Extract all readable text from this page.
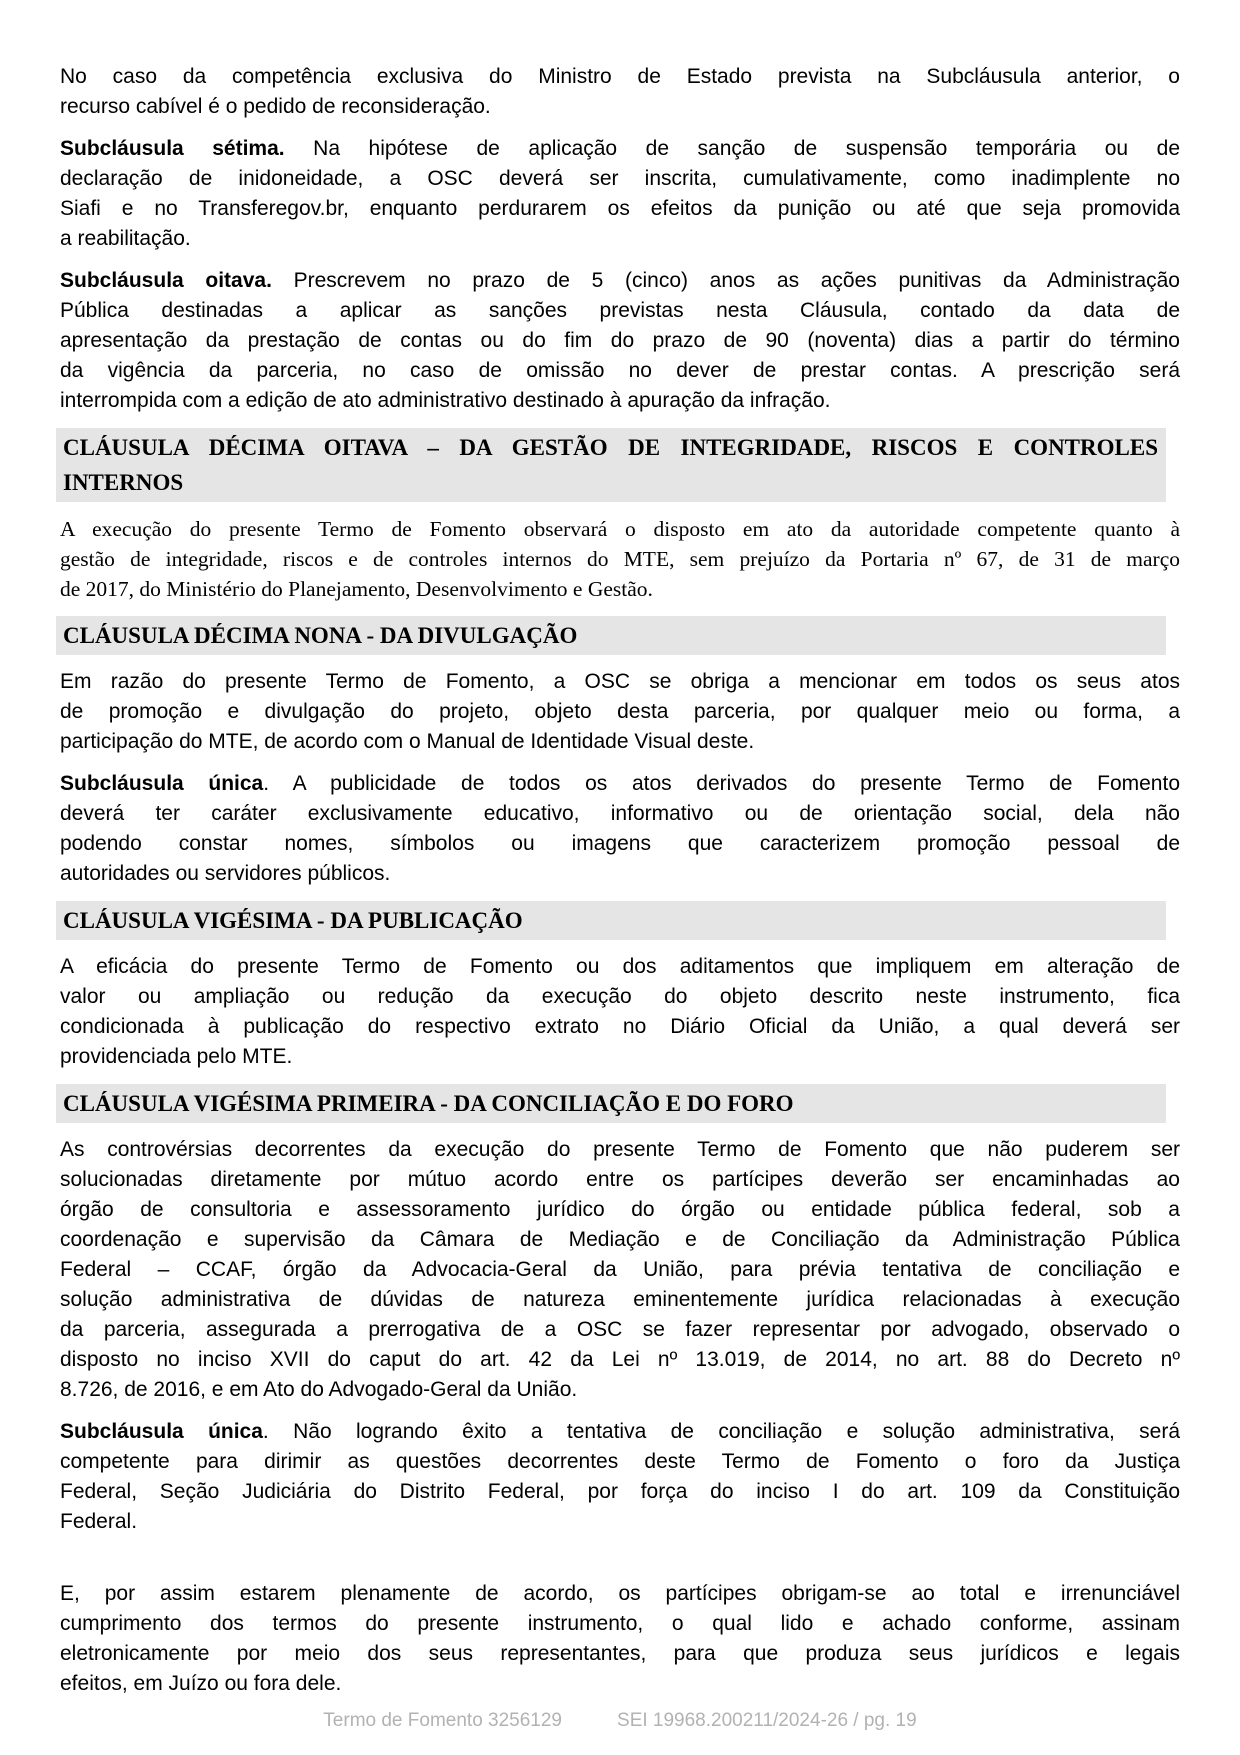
No caso da competência exclusiva do Ministro de Estado prevista na Subcláusula anterior, o
recurso cabível é o pedido de reconsideração.
Subcláusula sétima. Na hipótese de aplicação de sanção de suspensão temporária ou de
declaração de inidoneidade, a OSC deverá ser inscrita, cumulativamente, como inadimplente no
Siafi e no Transferegov.br, enquanto perdurarem os efeitos da punição ou até que seja promovida
a reabilitação.
Subcláusula oitava. Prescrevem no prazo de 5 (cinco) anos as ações punitivas da Administração
Pública destinadas a aplicar as sanções previstas nesta Cláusula, contado da data de
apresentação da prestação de contas ou do fim do prazo de 90 (noventa) dias a partir do término
da vigência da parceria, no caso de omissão no dever de prestar contas. A prescrição será
interrompida com a edição de ato administrativo destinado à apuração da infração.
CLÁUSULA DÉCIMA OITAVA – DA GESTÃO DE INTEGRIDADE, RISCOS E CONTROLES
INTERNOS
A execução do presente Termo de Fomento observará o disposto em ato da autoridade competente quanto à
gestão de integridade, riscos e de controles internos do MTE, sem prejuízo da Portaria nº 67, de 31 de março
de 2017, do Ministério do Planejamento, Desenvolvimento e Gestão.
CLÁUSULA DÉCIMA NONA - DA DIVULGAÇÃO
Em razão do presente Termo de Fomento, a OSC se obriga a mencionar em todos os seus atos
de promoção e divulgação do projeto, objeto desta parceria, por qualquer meio ou forma, a
participação do MTE, de acordo com o Manual de Identidade Visual deste.
Subcláusula única. A publicidade de todos os atos derivados do presente Termo de Fomento
deverá ter caráter exclusivamente educativo, informativo ou de orientação social, dela não
podendo constar nomes, símbolos ou imagens que caracterizem promoção pessoal de
autoridades ou servidores públicos.
CLÁUSULA VIGÉSIMA - DA PUBLICAÇÃO
A eficácia do presente Termo de Fomento ou dos aditamentos que impliquem em alteração de
valor ou ampliação ou redução da execução do objeto descrito neste instrumento, fica
condicionada à publicação do respectivo extrato no Diário Oficial da União, a qual deverá ser
providenciada pelo MTE.
CLÁUSULA VIGÉSIMA PRIMEIRA - DA CONCILIAÇÃO E DO FORO
As controvérsias decorrentes da execução do presente Termo de Fomento que não puderem ser
solucionadas diretamente por mútuo acordo entre os partícipes deverão ser encaminhadas ao
órgão de consultoria e assessoramento jurídico do órgão ou entidade pública federal, sob a
coordenação e supervisão da Câmara de Mediação e de Conciliação da Administração Pública
Federal – CCAF, órgão da Advocacia-Geral da União, para prévia tentativa de conciliação e
solução administrativa de dúvidas de natureza eminentemente jurídica relacionadas à execução
da parceria, assegurada a prerrogativa de a OSC se fazer representar por advogado, observado o
disposto no inciso XVII do caput do art. 42 da Lei nº 13.019, de 2014, no art. 88 do Decreto nº
8.726, de 2016, e em Ato do Advogado-Geral da União.
Subcláusula única. Não logrando êxito a tentativa de conciliação e solução administrativa, será
competente para dirimir as questões decorrentes deste Termo de Fomento o foro da Justiça
Federal, Seção Judiciária do Distrito Federal, por força do inciso I do art. 109 da Constituição
Federal.
E, por assim estarem plenamente de acordo, os partícipes obrigam-se ao total e irrenunciável
cumprimento dos termos do presente instrumento, o qual lido e achado conforme, assinam
eletronicamente por meio dos seus representantes, para que produza seus jurídicos e legais
efeitos, em Juízo ou fora dele.
Termo de Fomento 3256129	SEI 19968.200211/2024-26 / pg. 19
